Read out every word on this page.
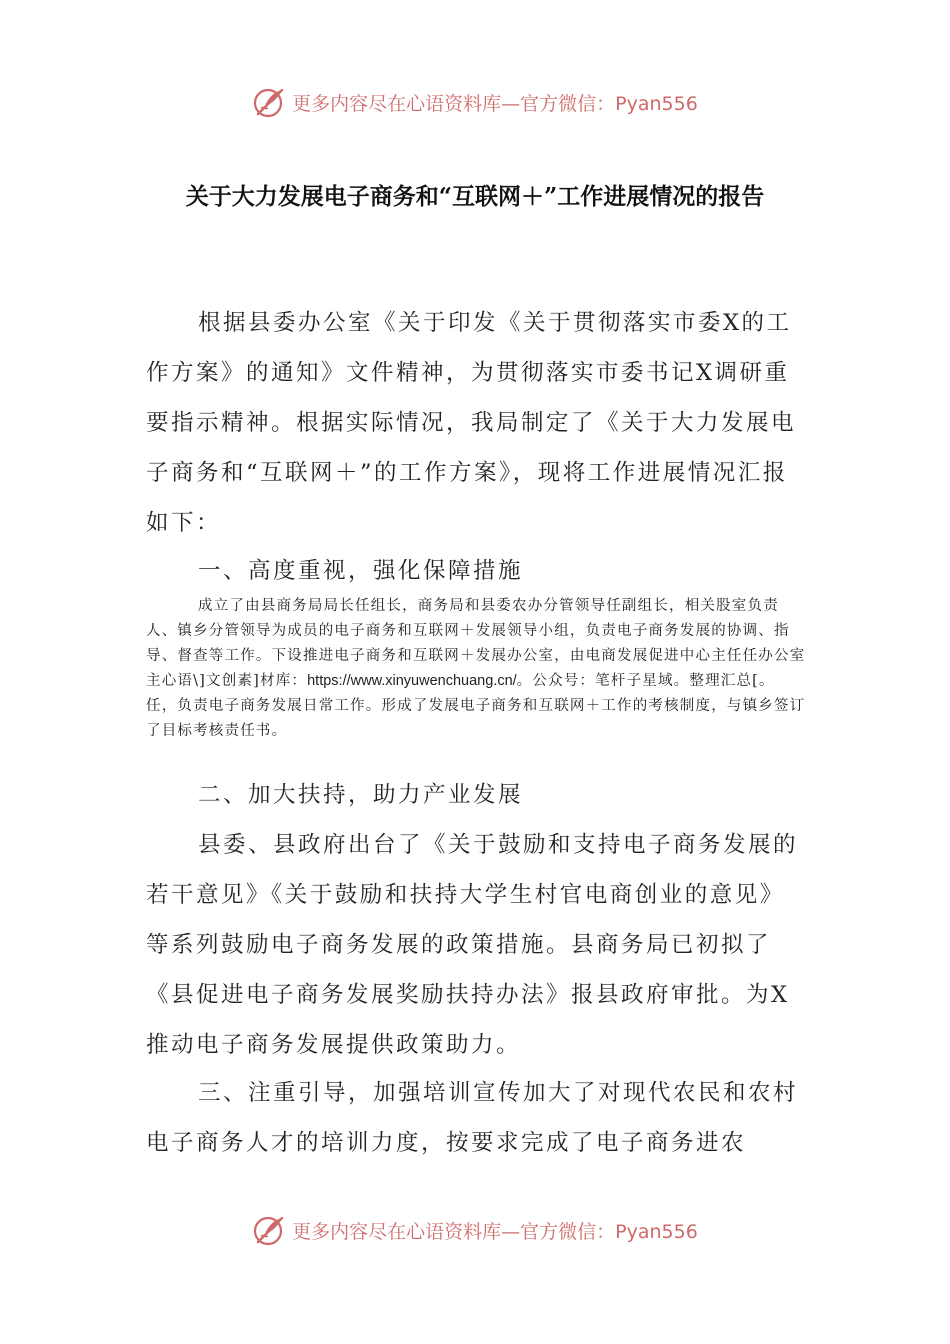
更多内容尽在心语资料库—官方微信：Pyan556
关于大力发展电子商务和“互联网＋”工作进展情况的报告

根据县委办公室《关于印发《关于贯彻落实市委X的工作方案》的通知》文件精神，为贯彻落实市委书记X调研重要指示精神。根据实际情况，我局制定了《关于大力发展电子商务和“互联网＋”的工作方案》，现将工作进展情况汇报如下：

一、高度重视，强化保障措施

成立了由县商务局局长任组长，商务局和县委农办分管领导任副组长，相关股室负责人、镇乡分管领导为成员的电子商务和互联网＋发展领导小组，负责电子商务发展的协调、指导、督查等工作。下设推进电子商务和互联网＋发展办公室，由电商发展促进中心主任任办公室主心语\]文创素]材库：https://www.xinyuwenchuang.cn/。公众号：笔杆子星域。整理汇总[。任，负责电子商务发展日常工作。形成了发展电子商务和互联网＋工作的考核制度，与镇乡签订了目标考核责任书。

二、加大扶持，助力产业发展

县委、县政府出台了《关于鼓励和支持电子商务发展的若干意见》《关于鼓励和扶持大学生村官电商创业的意见》等系列鼓励电子商务发展的政策措施。县商务局已初拟了《县促进电子商务发展奖励扶持办法》报县政府审批。为X推动电子商务发展提供政策助力。

三、注重引导，加强培训宣传加大了对现代农民和农村电子商务人才的培训力度，按要求完成了电子商务进农

更多内容尽在心语资料库—官方微信：Pyan556
